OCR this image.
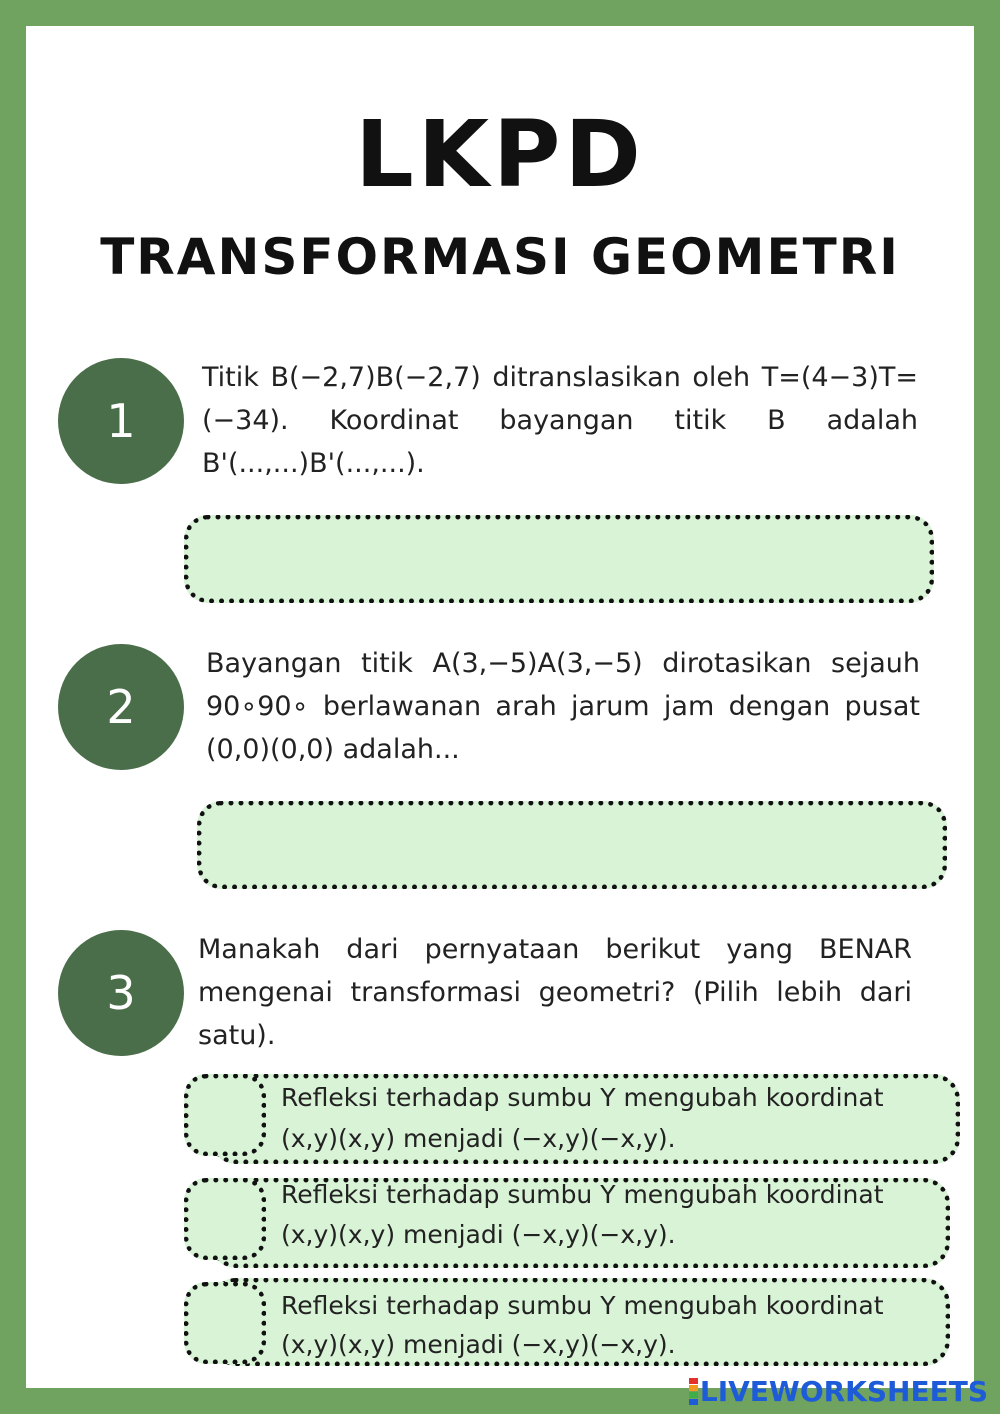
LKPD
TRANSFORMASI GEOMETRI
1
Titik B(−2,7)B(−2,7) ditranslasikan oleh T=(4−3)T=(−34). Koordinat bayangan titik B adalah B'(...,...)B'(...,...).
2
Bayangan titik A(3,−5)A(3,−5) dirotasikan sejauh 90∘90∘ berlawanan arah jarum jam dengan pusat (0,0)(0,0) adalah...
3
Manakah dari pernyataan berikut yang BENAR mengenai transformasi geometri? (Pilih lebih dari satu).
Refleksi terhadap sumbu Y mengubah koordinat
(x,y)(x,y) menjadi (−x,y)(−x,y).
Refleksi terhadap sumbu Y mengubah koordinat
(x,y)(x,y) menjadi (−x,y)(−x,y).
Refleksi terhadap sumbu Y mengubah koordinat
(x,y)(x,y) menjadi (−x,y)(−x,y).
LIVEWORKSHEETS
